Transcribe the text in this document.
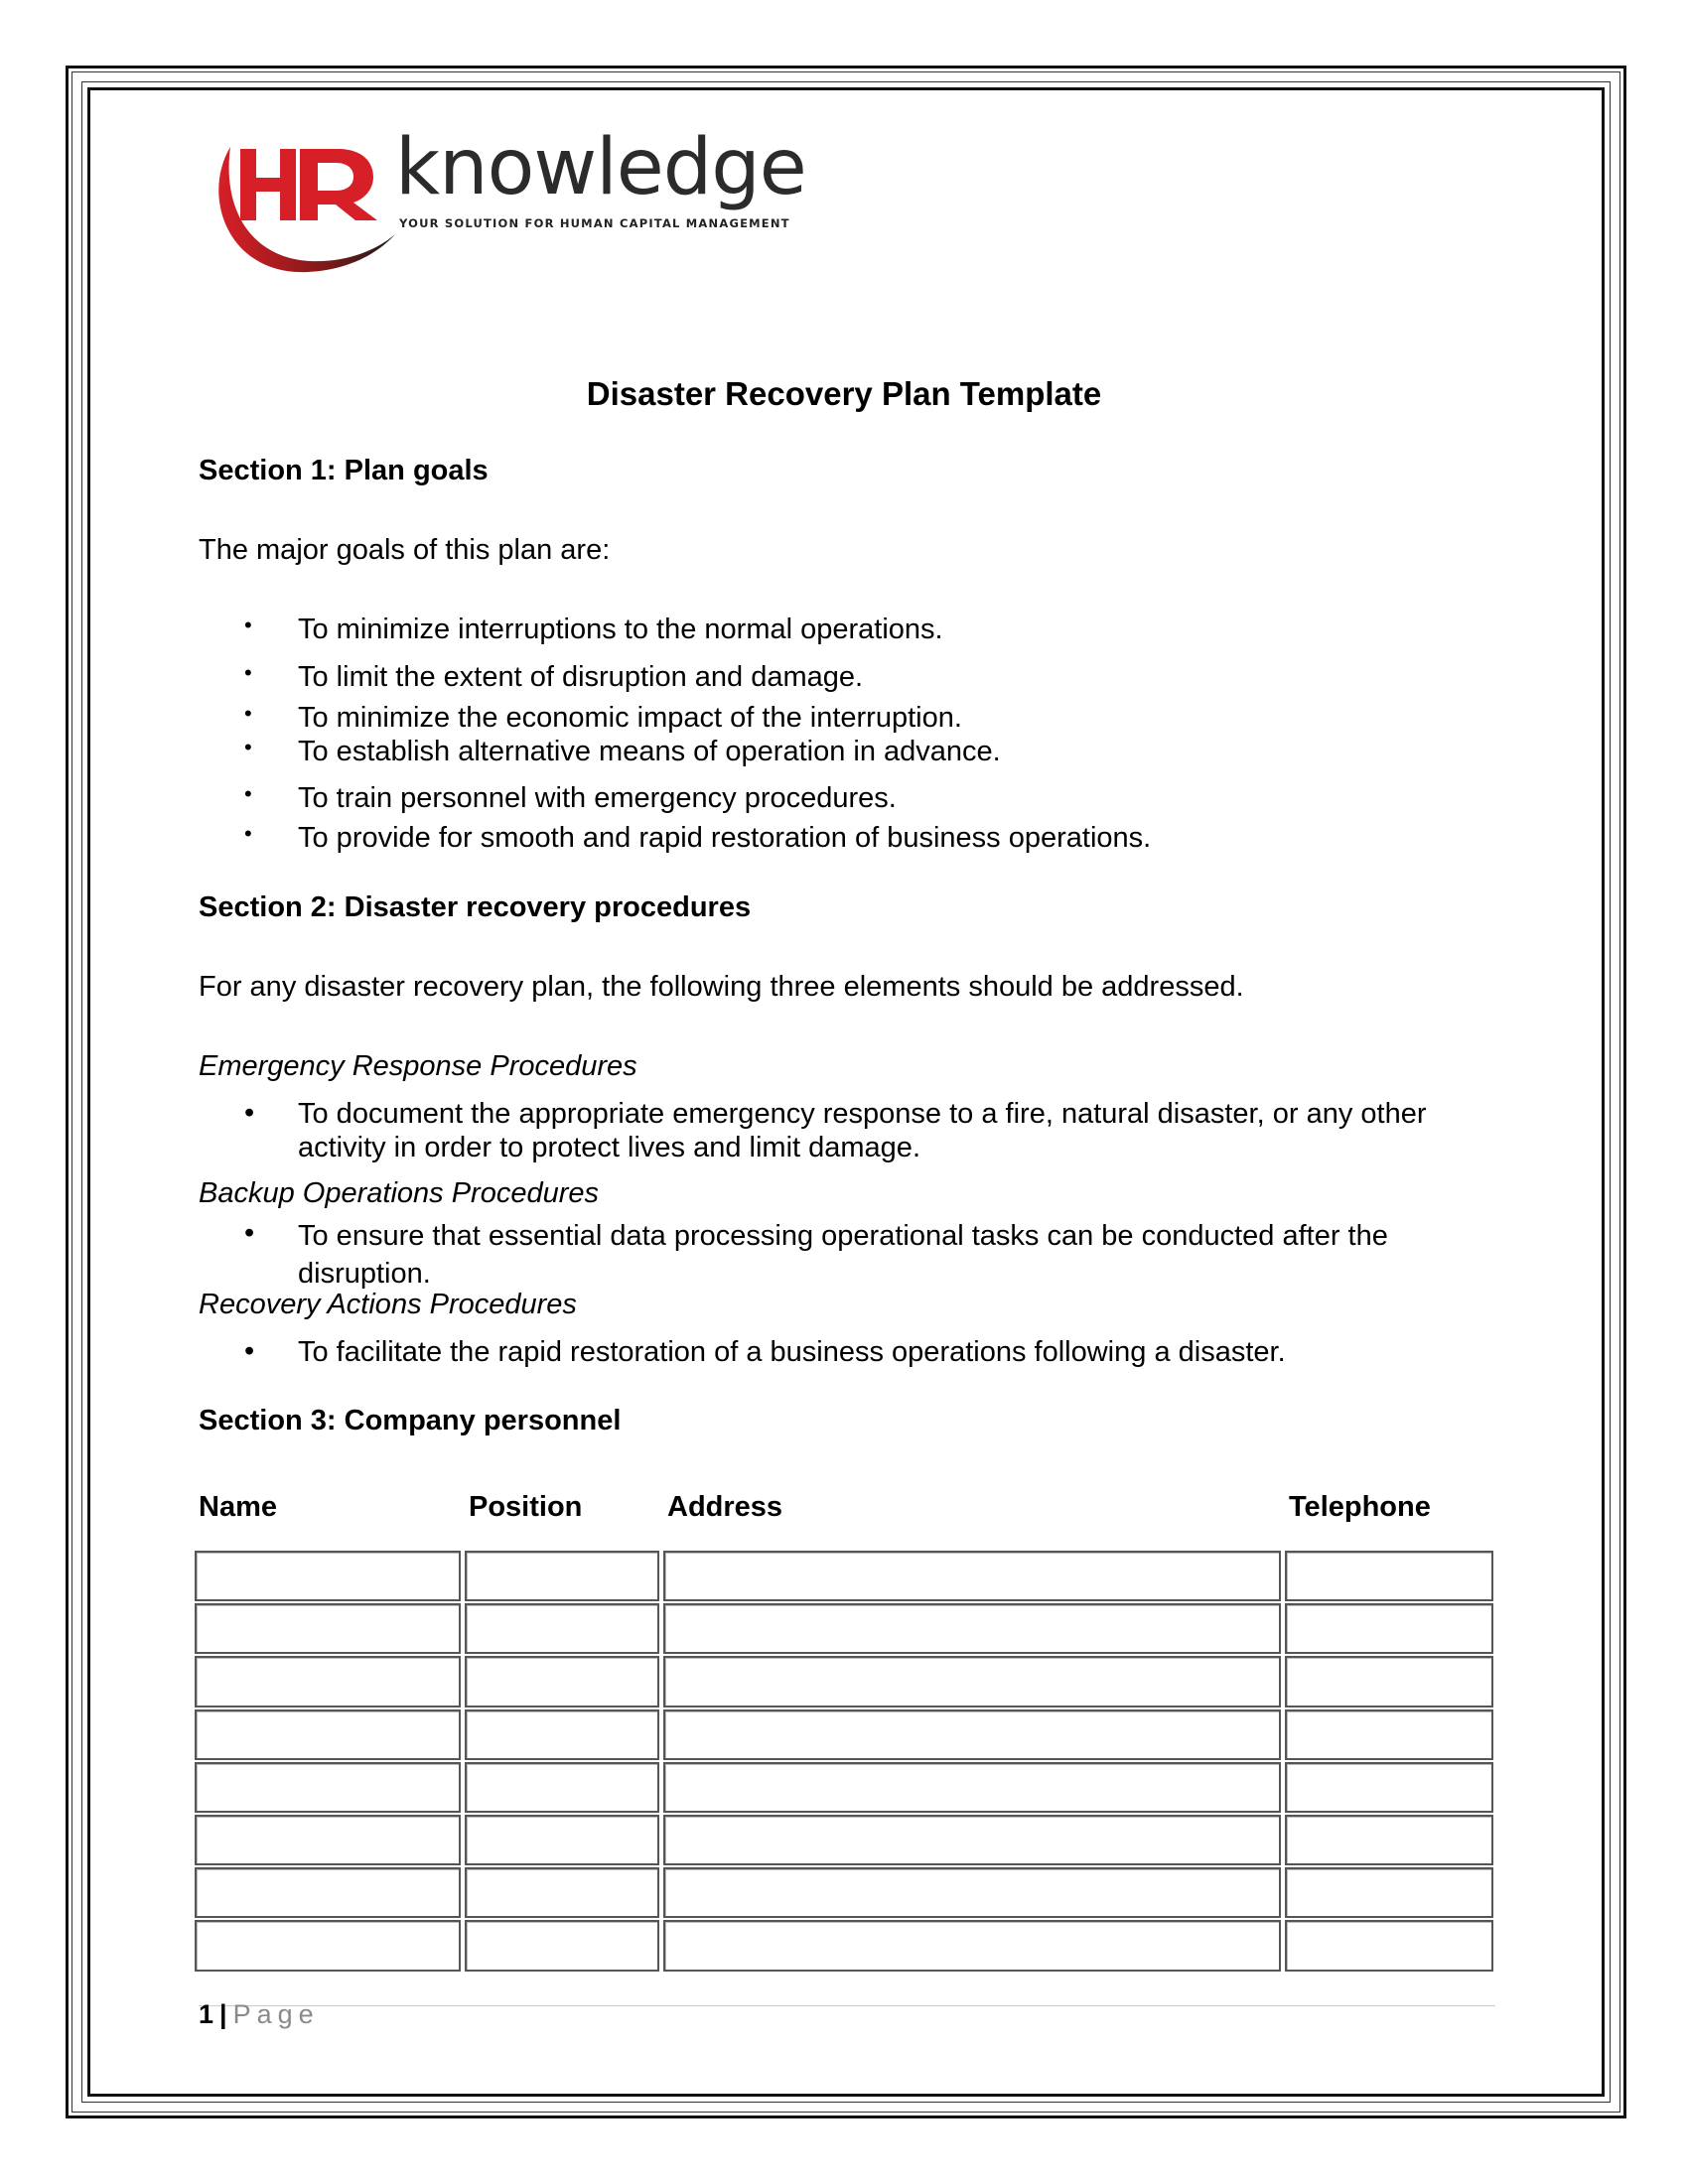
knowledge
YOUR SOLUTION FOR HUMAN CAPITAL MANAGEMENT
Disaster Recovery Plan Template
Section 1: Plan goals
The major goals of this plan are:
•	To minimize interruptions to the normal operations.
•	To limit the extent of disruption and damage.
•	To minimize the economic impact of the interruption.
•	To establish alternative means of operation in advance.
•	To train personnel with emergency procedures.
•	To provide for smooth and rapid restoration of business operations.
Section 2: Disaster recovery procedures
For any disaster recovery plan, the following three elements should be addressed.
Emergency Response Procedures
•	To document the appropriate emergency response to a fire, natural disaster, or any other activity in order to protect lives and limit damage.
Backup Operations Procedures
•	To ensure that essential data processing operational tasks can be conducted after the disruption.
Recovery Actions Procedures
•	To facilitate the rapid restoration of a business operations following a disaster.
Section 3: Company personnel
Name	Position	Address	Telephone
1 | Page
